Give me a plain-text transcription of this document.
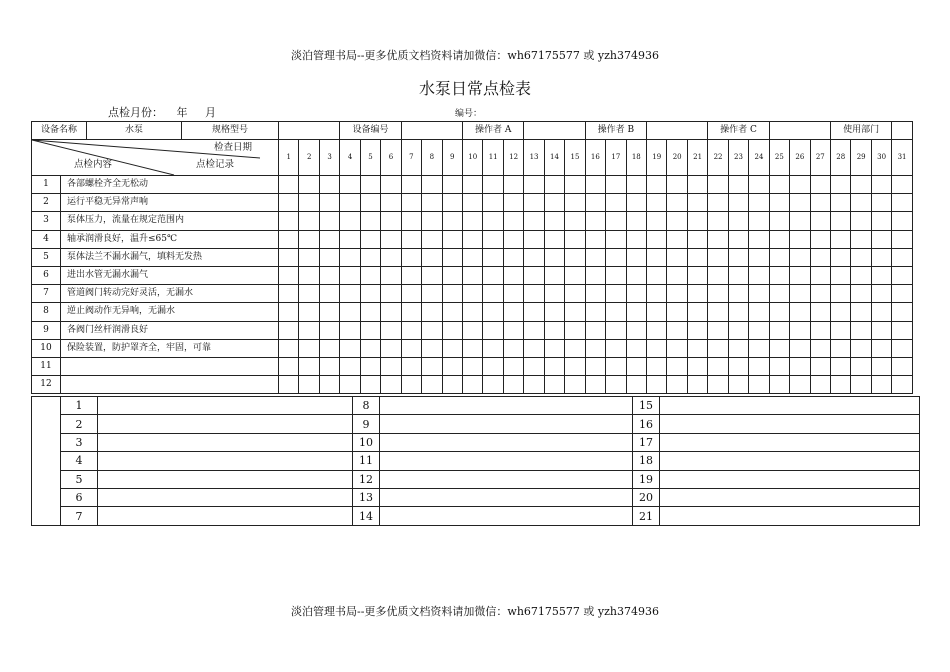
淡泊管理书局--更多优质文档资料请加微信：wh67175577 或 yzh374936
水泵日常点检表
点检月份： 年 月	编号：
设备名称		水泵	规格型号				设备编号						操作者 A						操作者 B						操作者 C						使用部门			

检查日期
点检内容 点检记录				1	2	3	4	5	6	7	8	9	10	11	12	13	14	15	16	17	18	19	20	21	22	23	24	25	26	27	28	29	30	31
1	各部螺栓齐全无松动																																	
2	运行平稳无异常声响																																	
3	泵体压力，流量在规定范围内																																	
4	轴承润滑良好，温升≤65℃																																	
5	泵体法兰不漏水漏气，填料无发热																																	
6	进出水管无漏水漏气																																	
7	管道阀门转动完好灵活，无漏水																																	
8	逆止阀动作无异响，无漏水																																	
9	各阀门丝杆润滑良好																																	
10	保险装置，防护罩齐全，牢固，可靠																																	
11																																		
12																																		
	1		8		15	
	2		9		16	
	3		10		17	
	4		11		18	
	5		12		19	
	6		13		20	
	7		14		21	
淡泊管理书局--更多优质文档资料请加微信：wh67175577 或 yzh374936
